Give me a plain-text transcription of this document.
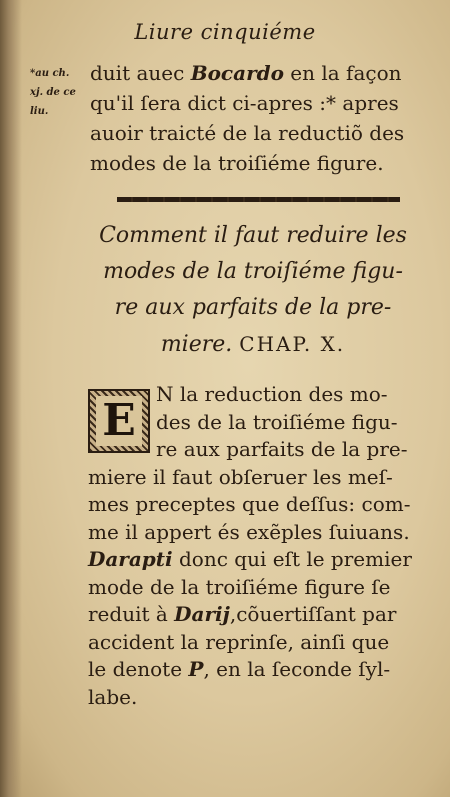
Liure cinquiéme
*au ch.
xj. de ce
liu.
duit auec Bocardo en la façon
qu'il ſera dict ci-apres :* apres
auoir traicté de la reductiõ des
modes de la troiſiéme figure.
Comment il faut reduire les
modes de la troiſiéme figu-
re aux parfaits de la pre-
miere. CHAP. X.
E
N la reduction des mo-
des de la troiſiéme figu-
re aux parfaits de la pre-
miere il faut obſeruer les meſ-
mes preceptes que deſſus: com-
me il appert és exẽples ſuiuans.
Darapti donc qui eſt le premier
mode de la troiſiéme figure ſe
reduit à Darij,cõuertiſſant par
accident la reprinſe, ainſi que
le denote P, en la ſeconde ſyl-
labe.
